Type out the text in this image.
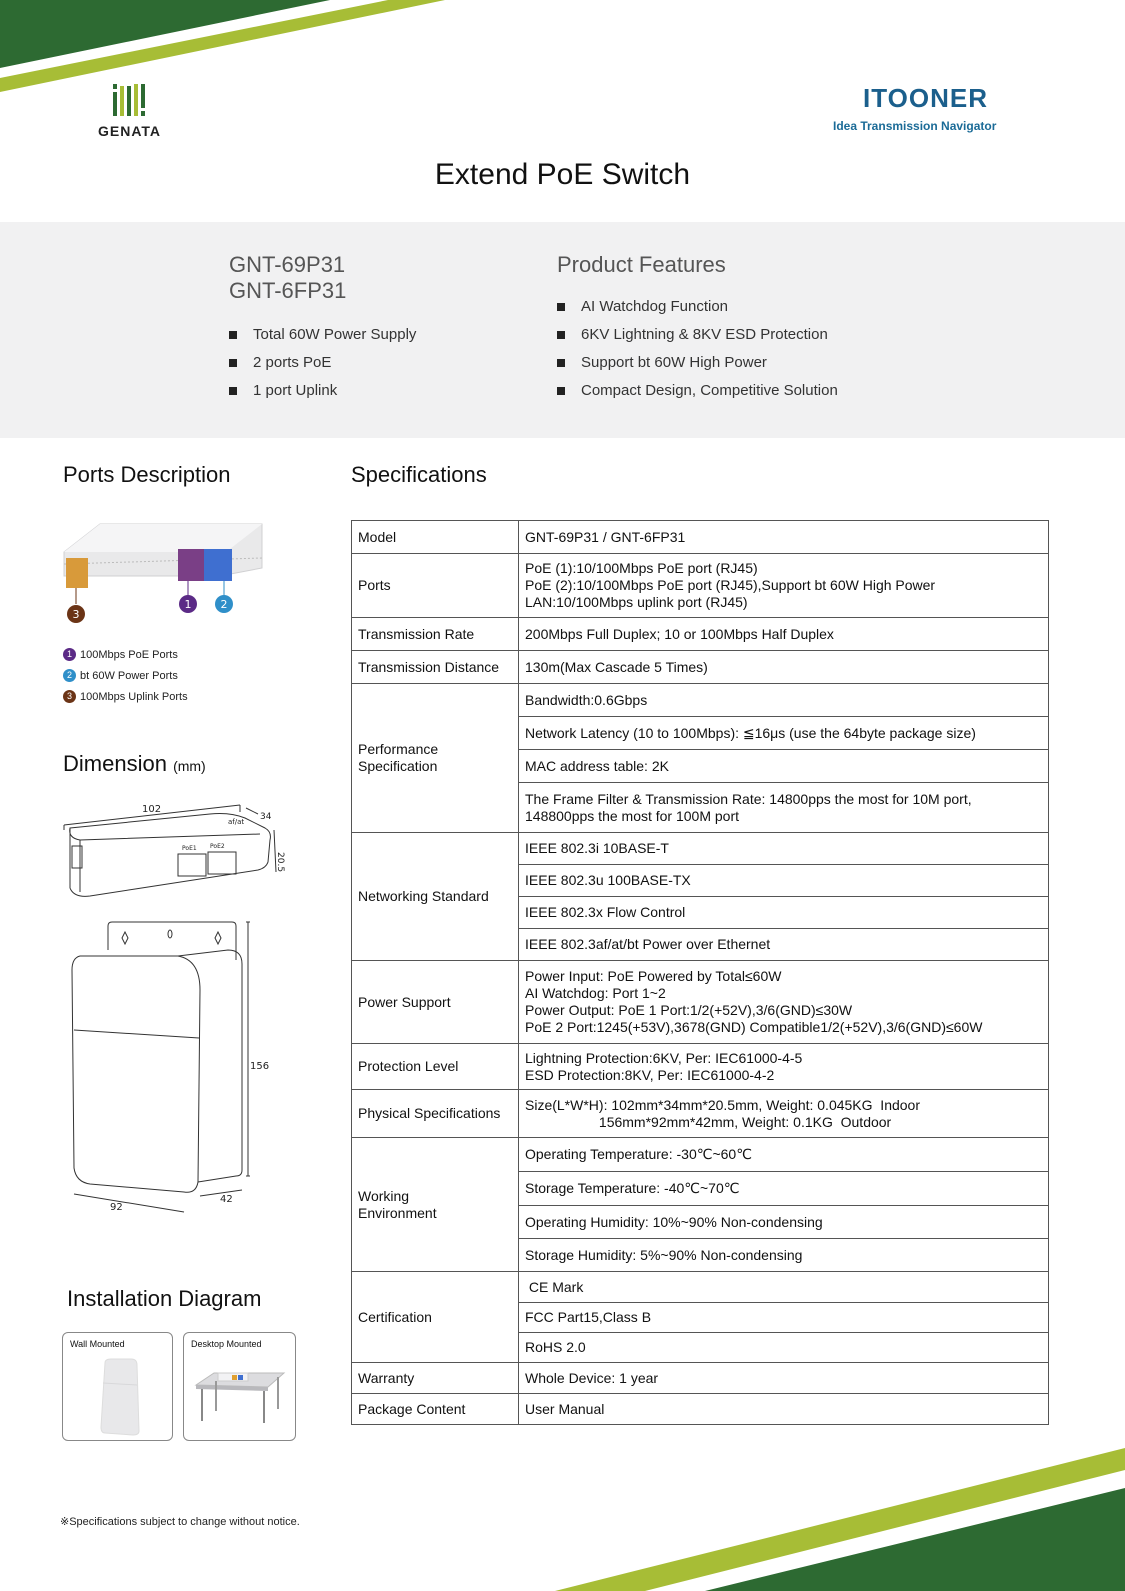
GENATA
ITOONER
Idea Transmission Navigator
Extend PoE Switch
GNT-69P31
GNT-6FP31
Total 60W Power Supply
2 ports PoE
1 port Uplink
Product Features
AI Watchdog Function
6KV Lightning & 8KV ESD Protection
Support bt 60W High Power
Compact Design, Competitive Solution
Ports Description
3
1	2
1 100Mbps PoE Ports
2 bt 60W Power Ports
3 100Mbps Uplink Ports
Dimension (mm)
102
34
20.5
PoE1 PoE2
af/at
156
92
42
Installation Diagram
Wall Mounted	Desktop Mounted
Specifications
Model	GNT-69P31 / GNT-6FP31
Ports	PoE (1):10/100Mbps PoE port (RJ45)
PoE (2):10/100Mbps PoE port (RJ45),Support bt 60W High Power
LAN:10/100Mbps uplink port (RJ45)
Transmission Rate	200Mbps Full Duplex; 10 or 100Mbps Half Duplex
Transmission Distance	130m(Max Cascade 5 Times)
Performance
Specification	Bandwidth:0.6Gbps
	Network Latency (10 to 100Mbps): ≦16μs (use the 64byte package size)
	MAC address table: 2K
	The Frame Filter & Transmission Rate: 14800pps the most for 10M port,
148800pps the most for 100M port
Networking Standard	IEEE 802.3i 10BASE-T
	IEEE 802.3u 100BASE-TX
	IEEE 802.3x Flow Control
	IEEE 802.3af/at/bt Power over Ethernet
Power Support	Power Input: PoE Powered by Total≤60W
AI Watchdog: Port 1~2
Power Output: PoE 1 Port:1/2(+52V),3/6(GND)≤30W
PoE 2 Port:1245(+53V),3678(GND) Compatible1/2(+52V),3/6(GND)≤60W
Protection Level	Lightning Protection:6KV, Per: IEC61000-4-5
ESD Protection:8KV, Per: IEC61000-4-2
Physical Specifications	Size(L*W*H): 102mm*34mm*20.5mm, Weight: 0.045KG  Indoor
156mm*92mm*42mm, Weight: 0.1KG  Outdoor
Working
Environment	Operating Temperature: -30℃~60℃
	Storage Temperature: -40℃~70℃
	Operating Humidity: 10%~90% Non-condensing
	Storage Humidity: 5%~90% Non-condensing
Certification	CE Mark
	FCC Part15,Class B
	RoHS 2.0
Warranty	Whole Device: 1 year
Package Content	User Manual
※Specifications subject to change without notice.
